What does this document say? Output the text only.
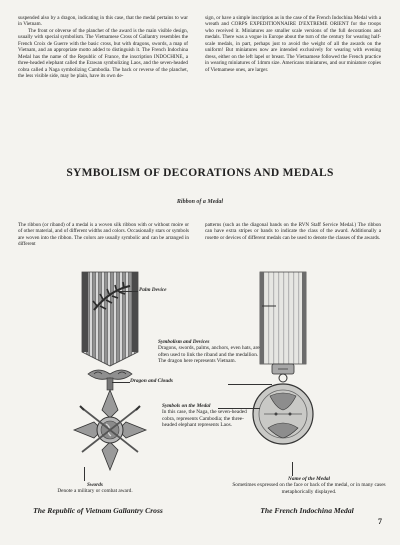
suspended also by a dragon, indicating in this case, that the medal pertains to war in Vietnam.

The front or obverse of the planchet of the award is the main visible design, usually with special symbolism. The Vietnamese Cross of Gallantry resembles the French Croix de Guerre with the basic cross, but with dragons, swords, a map of Vietnam, and an appropriate motto added to distinguish it. The French Indochina Medal has the name of the Republic of France, the inscription INDOCHINE, a three-headed elephant called the Erawan symbolizing Laos, and the seven-headed cobra called a Naga symbolizing Cambodia. The back or reverse of the planchet, the less visible side, may be plain, have its own de-

sign, or have a simple inscription as in the case of the French Indochina Medal with a wreath and CORPS EXPEDITIONNAIRE D'EXTREME ORIENT for the troops who received it. Miniatures are smaller scale versions of the full decorations and medals. There was a vogue in Europe about the turn of the century for wearing half-scale medals, in part, perhaps just to avoid the weight of all the awards on the uniform! But miniatures now are intended exclusively for wearing with evening dress, either on the left lapel or breast. The Vietnamese followed the French practice in wearing miniatures of 14mm size. Americans miniatures, and our miniature copies of Vietnamese ones, are larger.

SYMBOLISM OF DECORATIONS AND MEDALS
Ribbon of a Medal

The ribbon (or riband) of a medal is a woven silk ribbon with or without moire or of other material, and of different widths and colors. Occasionally stars or symbols are woven into the ribbon. The colors are usually symbolic and can be arranged in different

patterns (such as the diagonal bands on the RVN Staff Service Medal.) The ribbon can have extra stripes or bands to indicate the class of the award. Additionally a rosette or devices of different medals can be used to denote the classes of the awards.

Palm Device
Symbolism and Devices
Dragons, swords, palms, anchors, even hats, are often used to link the riband and the medallion. The dragon here represents Vietnam.
Dragon and Clouds
Symbols on the Medal
In this case, the Naga, the seven-headed cobra, represents Cambodia; the three-headed elephant represents Laos.
Swords
Denote a military or combat award.
Name of the Medal
Sometimes expressed on the face or back of the medal, or in many cases metaphorically displayed.
The Republic of Vietnam Gallantry Cross	The French Indochina Medal
7
